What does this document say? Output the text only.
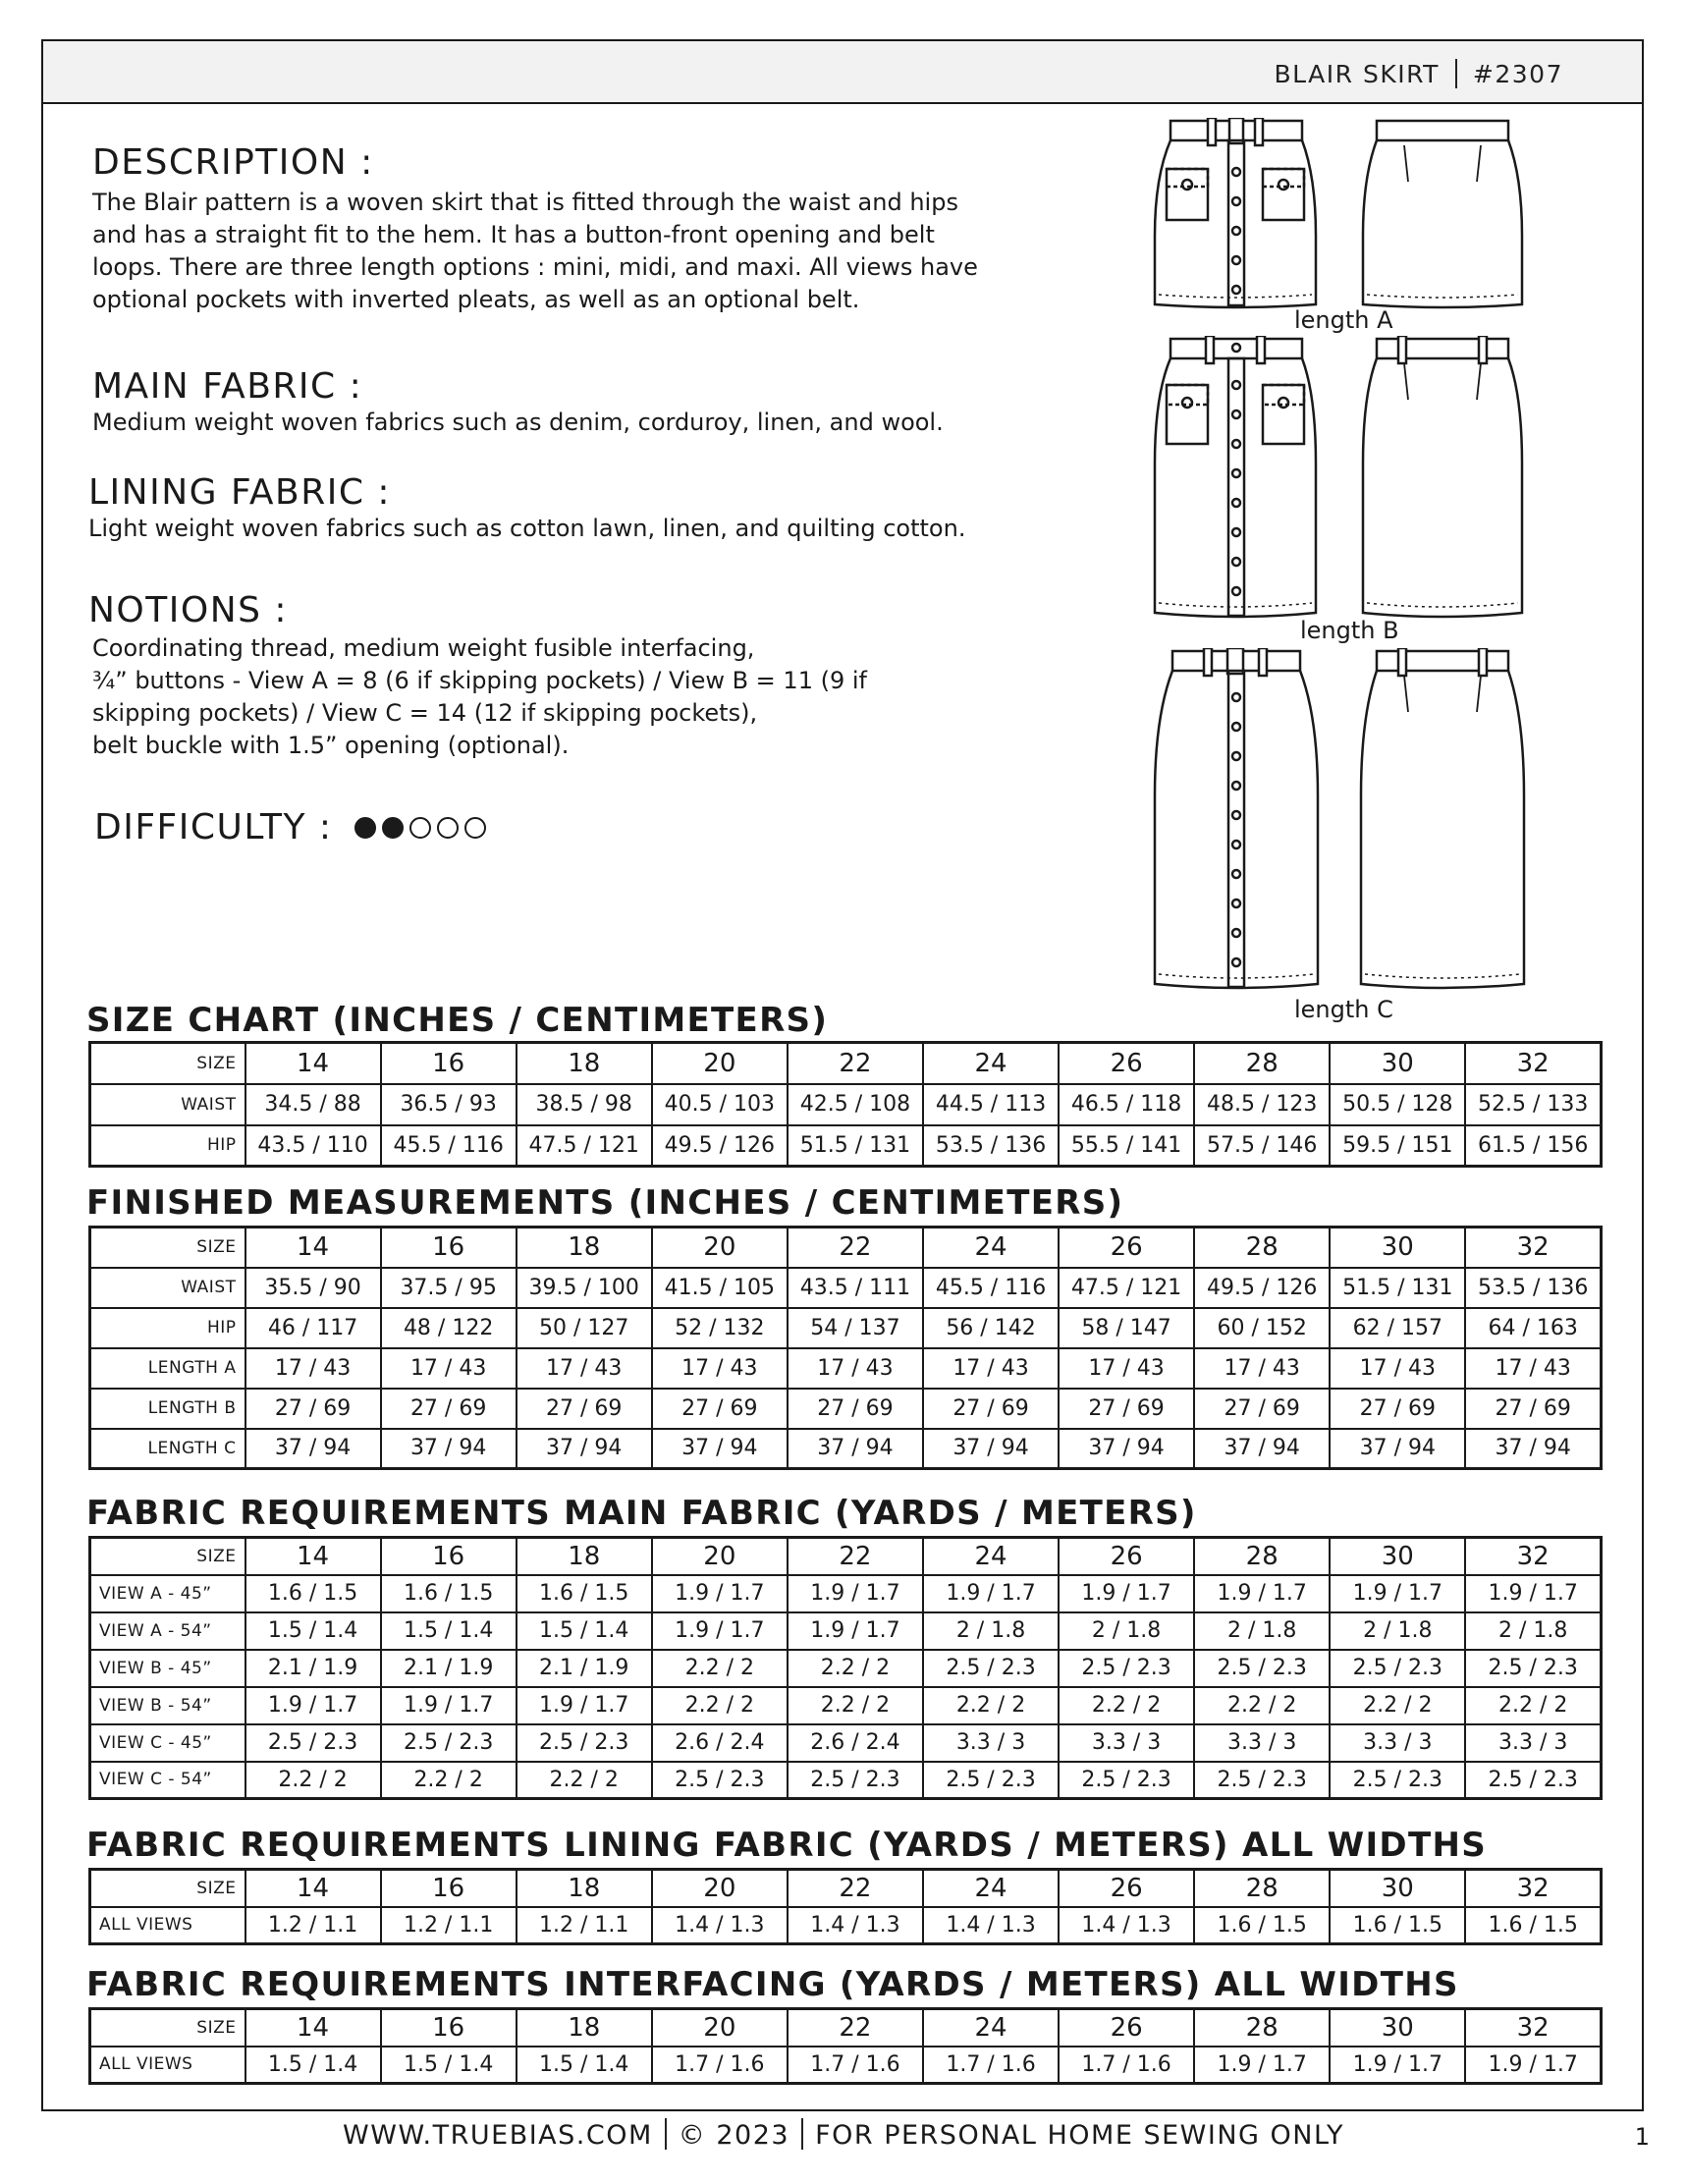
BLAIR SKIRT #2307
DESCRIPTION :
The Blair pattern is a woven skirt that is fitted through the waist and hips
and has a straight fit to the hem. It has a button-front opening and belt
loops. There are three length options : mini, midi, and maxi. All views have
optional pockets with inverted pleats, as well as an optional belt.
MAIN FABRIC :
Medium weight woven fabrics such as denim, corduroy, linen, and wool.
LINING FABRIC :
Light weight woven fabrics such as cotton lawn, linen, and quilting cotton.
NOTIONS :
Coordinating thread, medium weight fusible interfacing,
¾” buttons - View A = 8 (6 if skipping pockets) / View B = 11 (9 if
skipping pockets) / View C = 14 (12 if skipping pockets),
belt buckle with 1.5” opening (optional).
DIFFICULTY :
length A
length B
length C
SIZE CHART (INCHES / CENTIMETERS)
SIZE	14	16	18	20	22	24	26	28	30	32
WAIST	34.5 / 88	36.5 / 93	38.5 / 98	40.5 / 103	42.5 / 108	44.5 / 113	46.5 / 118	48.5 / 123	50.5 / 128	52.5 / 133
HIP	43.5 / 110	45.5 / 116	47.5 / 121	49.5 / 126	51.5 / 131	53.5 / 136	55.5 / 141	57.5 / 146	59.5 / 151	61.5 / 156
FINISHED MEASUREMENTS (INCHES / CENTIMETERS)
SIZE	14	16	18	20	22	24	26	28	30	32
WAIST	35.5 / 90	37.5 / 95	39.5 / 100	41.5 / 105	43.5 / 111	45.5 / 116	47.5 / 121	49.5 / 126	51.5 / 131	53.5 / 136
HIP	46 / 117	48 / 122	50 / 127	52 / 132	54 / 137	56 / 142	58 / 147	60 / 152	62 / 157	64 / 163
LENGTH A	17 / 43	17 / 43	17 / 43	17 / 43	17 / 43	17 / 43	17 / 43	17 / 43	17 / 43	17 / 43
LENGTH B	27 / 69	27 / 69	27 / 69	27 / 69	27 / 69	27 / 69	27 / 69	27 / 69	27 / 69	27 / 69
LENGTH C	37 / 94	37 / 94	37 / 94	37 / 94	37 / 94	37 / 94	37 / 94	37 / 94	37 / 94	37 / 94
FABRIC REQUIREMENTS MAIN FABRIC (YARDS / METERS)
SIZE	14	16	18	20	22	24	26	28	30	32
VIEW A - 45”	1.6 / 1.5	1.6 / 1.5	1.6 / 1.5	1.9 / 1.7	1.9 / 1.7	1.9 / 1.7	1.9 / 1.7	1.9 / 1.7	1.9 / 1.7	1.9 / 1.7
VIEW A - 54”	1.5 / 1.4	1.5 / 1.4	1.5 / 1.4	1.9 / 1.7	1.9 / 1.7	2 / 1.8	2 / 1.8	2 / 1.8	2 / 1.8	2 / 1.8
VIEW B - 45”	2.1 / 1.9	2.1 / 1.9	2.1 / 1.9	2.2 / 2	2.2 / 2	2.5 / 2.3	2.5 / 2.3	2.5 / 2.3	2.5 / 2.3	2.5 / 2.3
VIEW B - 54”	1.9 / 1.7	1.9 / 1.7	1.9 / 1.7	2.2 / 2	2.2 / 2	2.2 / 2	2.2 / 2	2.2 / 2	2.2 / 2	2.2 / 2
VIEW C - 45”	2.5 / 2.3	2.5 / 2.3	2.5 / 2.3	2.6 / 2.4	2.6 / 2.4	3.3 / 3	3.3 / 3	3.3 / 3	3.3 / 3	3.3 / 3
VIEW C - 54”	2.2 / 2	2.2 / 2	2.2 / 2	2.5 / 2.3	2.5 / 2.3	2.5 / 2.3	2.5 / 2.3	2.5 / 2.3	2.5 / 2.3	2.5 / 2.3
FABRIC REQUIREMENTS LINING FABRIC (YARDS / METERS) ALL WIDTHS
SIZE	14	16	18	20	22	24	26	28	30	32
ALL VIEWS	1.2 / 1.1	1.2 / 1.1	1.2 / 1.1	1.4 / 1.3	1.4 / 1.3	1.4 / 1.3	1.4 / 1.3	1.6 / 1.5	1.6 / 1.5	1.6 / 1.5
FABRIC REQUIREMENTS INTERFACING (YARDS / METERS) ALL WIDTHS
SIZE	14	16	18	20	22	24	26	28	30	32
ALL VIEWS	1.5 / 1.4	1.5 / 1.4	1.5 / 1.4	1.7 / 1.6	1.7 / 1.6	1.7 / 1.6	1.7 / 1.6	1.9 / 1.7	1.9 / 1.7	1.9 / 1.7
WWW.TRUEBIAS.COM © 2023 FOR PERSONAL HOME SEWING ONLY	1
